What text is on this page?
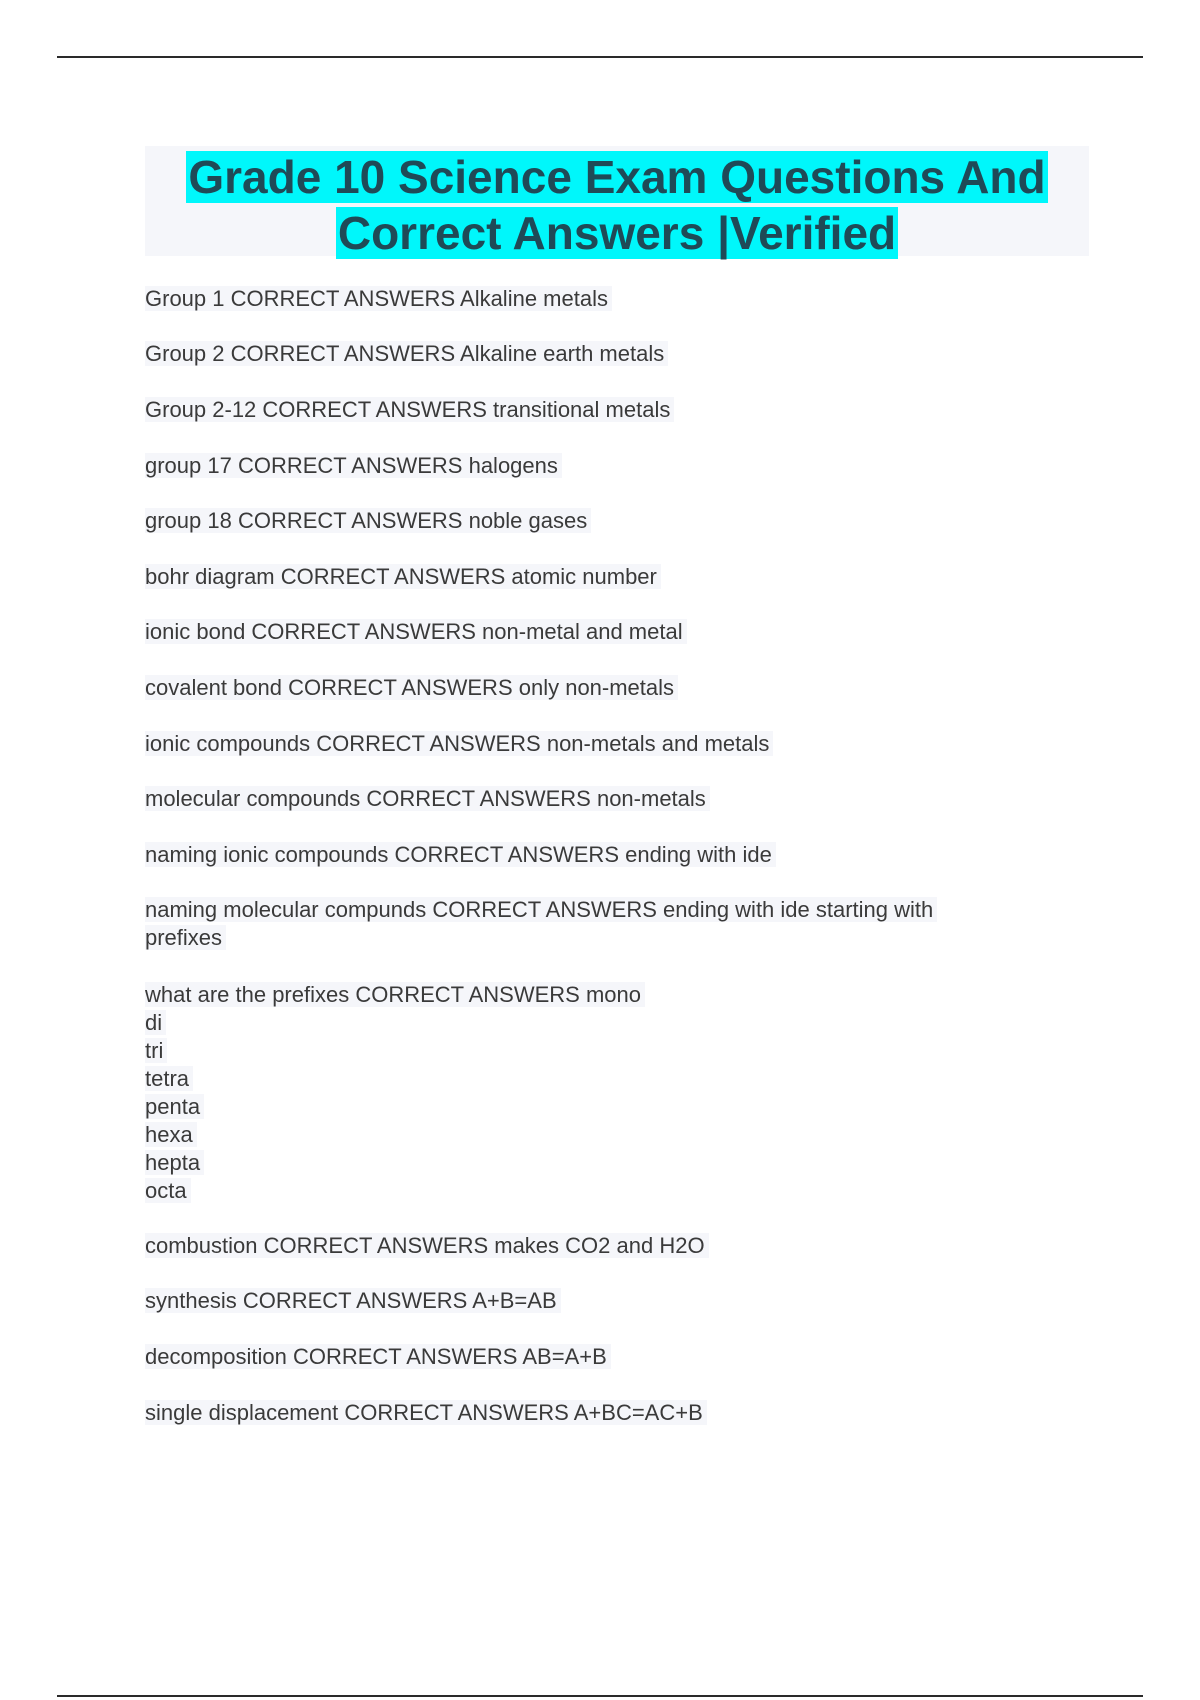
Grade 10 Science Exam Questions And
Correct Answers |Verified

Group 1 CORRECT ANSWERS Alkaline metals

Group 2 CORRECT ANSWERS Alkaline earth metals

Group 2-12 CORRECT ANSWERS transitional metals

group 17 CORRECT ANSWERS halogens

group 18 CORRECT ANSWERS noble gases

bohr diagram CORRECT ANSWERS atomic number

ionic bond CORRECT ANSWERS non-metal and metal

covalent bond CORRECT ANSWERS only non-metals

ionic compounds CORRECT ANSWERS non-metals and metals

molecular compounds CORRECT ANSWERS non-metals

naming ionic compounds CORRECT ANSWERS ending with ide

naming molecular compunds CORRECT ANSWERS ending with ide starting with
prefixes

what are the prefixes CORRECT ANSWERS mono
di
tri
tetra
penta
hexa
hepta
octa

combustion CORRECT ANSWERS makes CO2 and H2O

synthesis CORRECT ANSWERS A+B=AB

decomposition CORRECT ANSWERS AB=A+B

single displacement CORRECT ANSWERS A+BC=AC+B
